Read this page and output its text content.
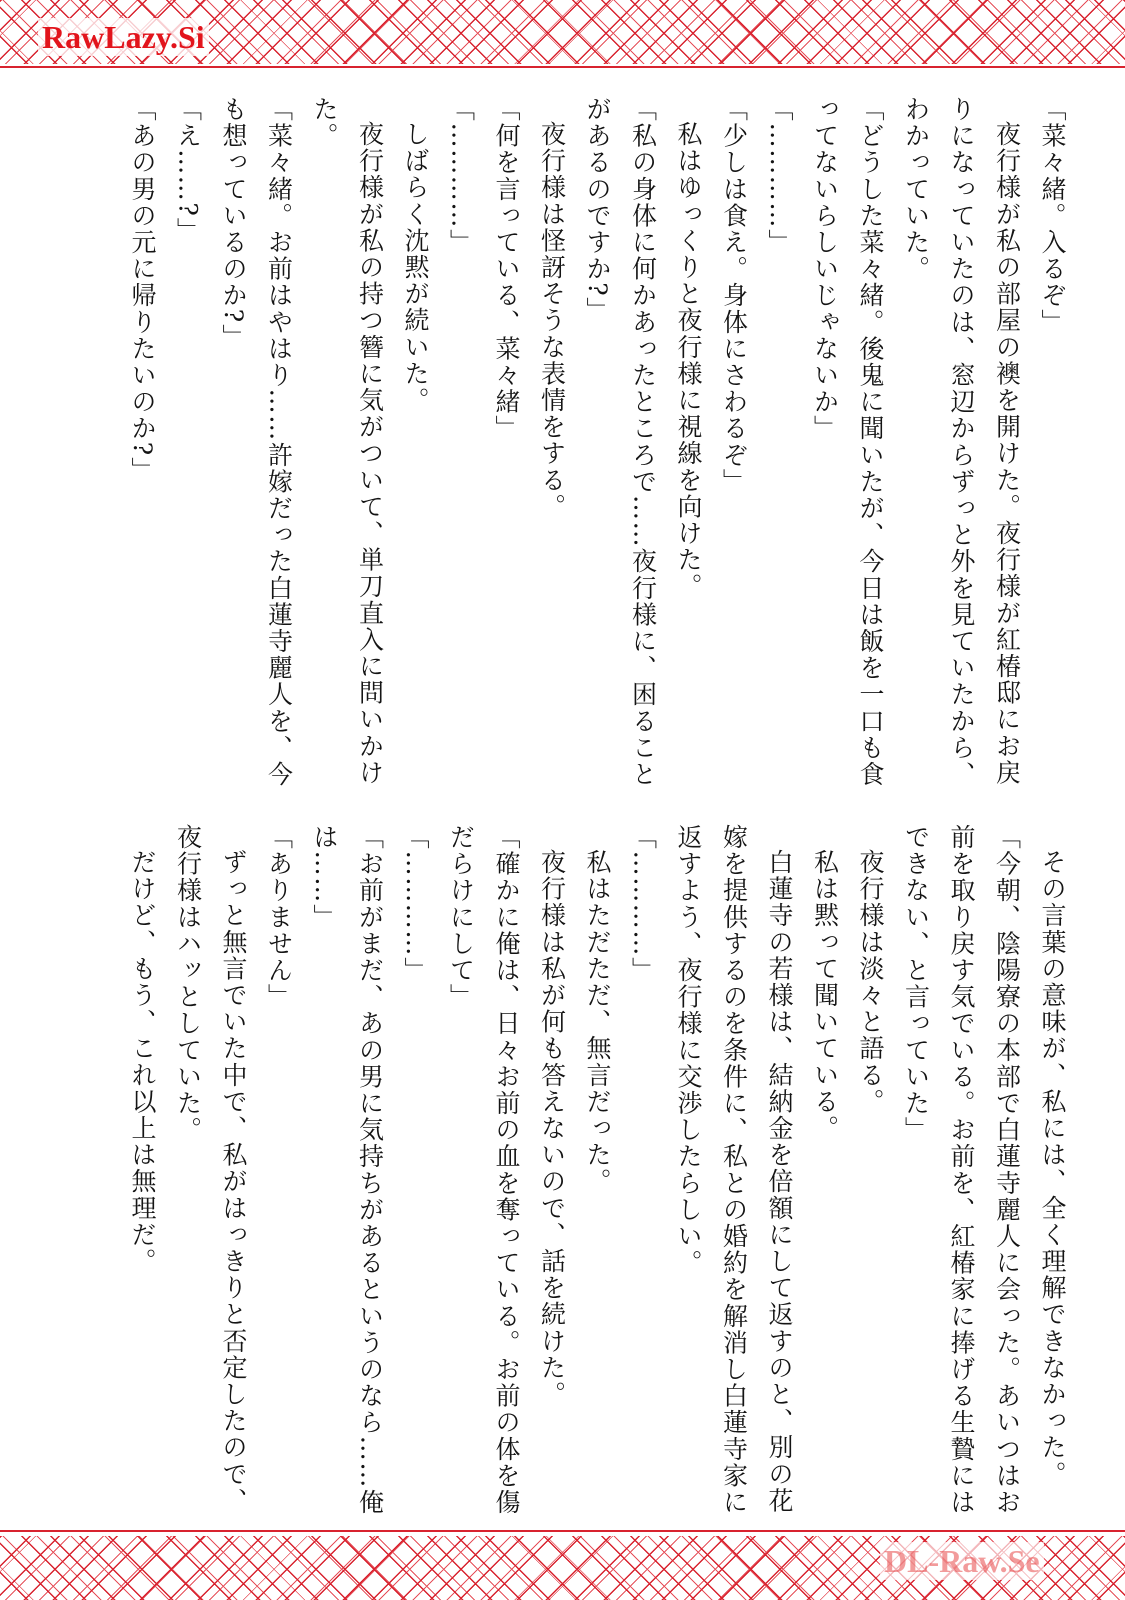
RawLazy.Si
DL-Raw.Se

「菜々緒。入るぞ」

夜行様が私の部屋の襖を開けた。夜行様が紅椿邸にお戻りになっていたのは、窓辺からずっと外を見ていたから、わかっていた。

「どうした菜々緒。後鬼に聞いたが、今日は飯を一口も食ってないらしいじゃないか」

「…………」

「少しは食え。身体にさわるぞ」

私はゆっくりと夜行様に視線を向けた。

「私の身体に何かあったところで……夜行様に、困ることがあるのですか?」

夜行様は怪訝そうな表情をする。

「何を言っている、菜々緒」

「…………」

しばらく沈黙が続いた。

夜行様が私の持つ簪に気がついて、単刀直入に問いかけた。

「菜々緒。お前はやはり……許嫁だった白蓮寺麗人を、今も想っているのか?」

「え……?」

「あの男の元に帰りたいのか?」

その言葉の意味が、私には、全く理解できなかった。

「今朝、陰陽寮の本部で白蓮寺麗人に会った。あいつはお前を取り戻す気でいる。お前を、紅椿家に捧げる生贄にはできない、と言っていた」

夜行様は淡々と語る。

私は黙って聞いている。

白蓮寺の若様は、結納金を倍額にして返すのと、別の花嫁を提供するのを条件に、私との婚約を解消し白蓮寺家に返すよう、夜行様に交渉したらしい。

「…………」

私はただただ、無言だった。

夜行様は私が何も答えないので、話を続けた。

「確かに俺は、日々お前の血を奪っている。お前の体を傷だらけにして」

「…………」

「お前がまだ、あの男に気持ちがあるというのなら……俺は……」

「ありません」

ずっと無言でいた中で、私がはっきりと否定したので、夜行様はハッとしていた。

だけど、もう、これ以上は無理だ。
